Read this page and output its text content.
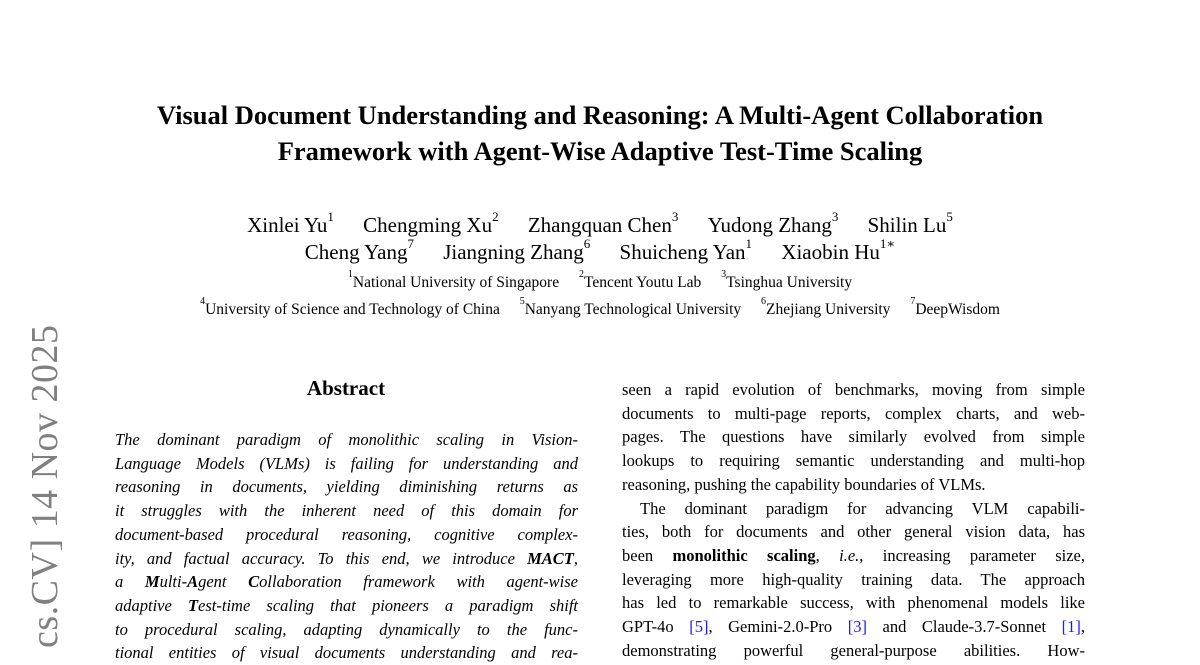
Visual Document Understanding and Reasoning: A Multi-Agent Collaboration
Framework with Agent-Wise Adaptive Test-Time Scaling
Xinlei Yu$^1$ Chengming Xu$^2$ Zhangquan Chen$^3$ Yudong Zhang$^3$ Shilin Lu$^5$
Cheng Yang$^7$ Jiangning Zhang$^6$ Shuicheng Yan$^1$ Xiaobin $Hu^{1∗}$
$^1$National University of Singapore $^2$Tencent Youtu Lab $^3$Tsinghua University
$^4$University of Science and Technology of China $^5$Nanyang Technological University $^6$Zhejiang University $^7$DeepWisdom
cs.CV] 14 Nov 2025	Abstract
The dominant paradigm of monolithic scaling in Vision-
Language Models (VLMs) is failing for understanding and
reasoning in documents, yielding diminishing returns as
it struggles with the inherent need of this domain for
document-based procedural reasoning, cognitive complex-
ity, and factual accuracy. To this end, we introduce MACT,
a Multi-Agent Collaboration framework with agent-wise
adaptive Test-time scaling that pioneers a paradigm shift
to procedural scaling, adapting dynamically to the func-
tional entities of visual documents understanding and rea-

seen a rapid evolution of benchmarks, moving from simple
documents to multi-page reports, complex charts, and web-
pages. The questions have similarly evolved from simple
lookups to requiring semantic understanding and multi-hop
reasoning, pushing the capability boundaries of VLMs.

The dominant paradigm for advancing VLM capabili-
ties, both for documents and other general vision data, has
been monolithic scaling, i.e., increasing parameter size,
leveraging more high-quality training data. The approach
has led to remarkable success, with phenomenal models like
GPT-4o [5], Gemini-2.0-Pro [3] and Claude-3.7-Sonnet [1],
demonstrating powerful general-purpose abilities. How-
